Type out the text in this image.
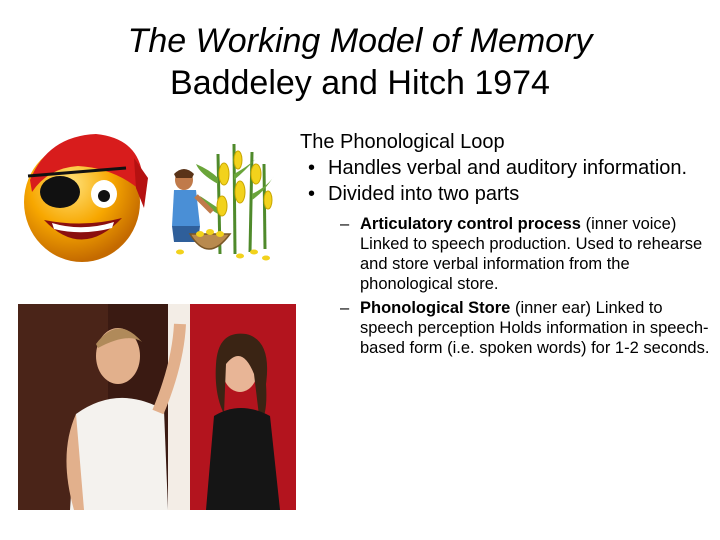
The Working Model of Memory
Baddeley and Hitch 1974
The Phonological Loop
• Handles verbal and auditory information.
• Divided into two parts
– Articulatory control process (inner voice) Linked to speech production. Used to rehearse and store verbal information from the phonological store.
– Phonological Store (inner ear) Linked to speech perception Holds information in speech-based form (i.e. spoken words) for 1-2 seconds.
